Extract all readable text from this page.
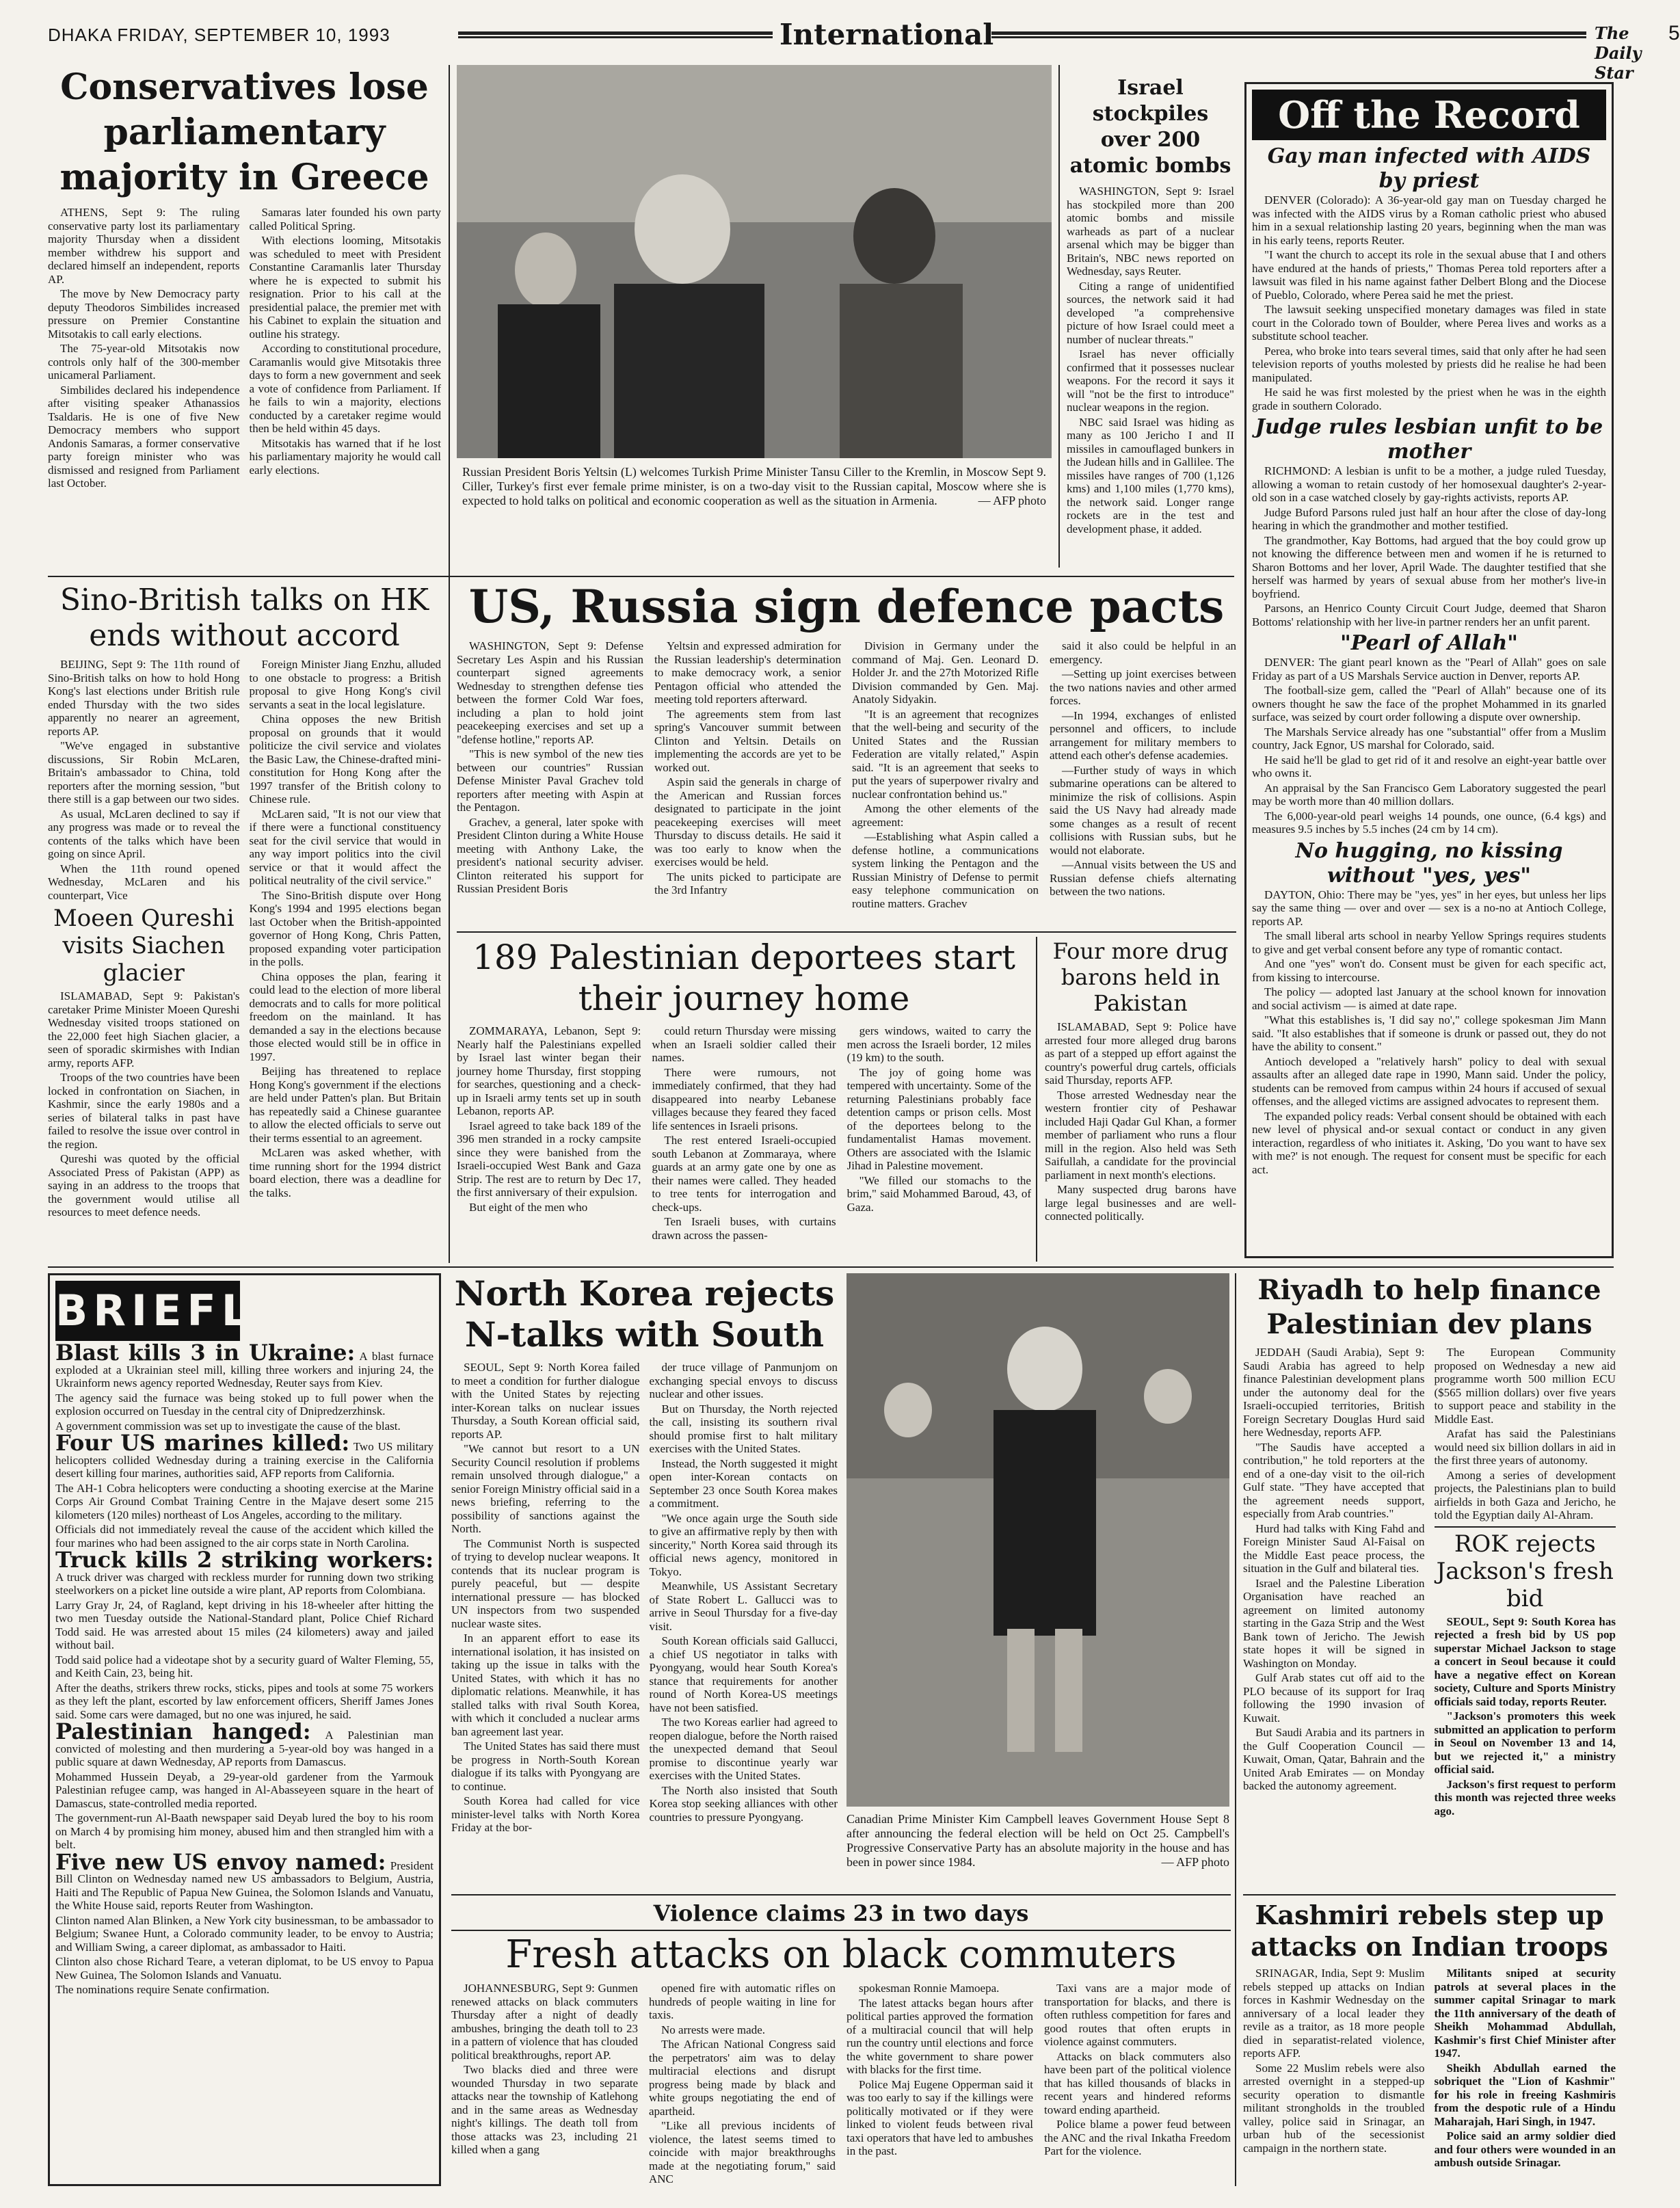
DHAKA FRIDAY, SEPTEMBER 10, 1993	International	The Daily Star
5
Conservatives lose parliamentary majority in Greece

ATHENS, Sept 9: The ruling conservative party lost its parliamentary majority Thursday when a dissident member withdrew his support and declared himself an independent, reports AP.

The move by New Democracy party deputy Theodoros Simbilides increased pressure on Premier Constantine Mitsotakis to call early elections.

The 75-year-old Mitsotakis now controls only half of the 300-member unicameral Parliament.

Simbilides declared his independence after visiting speaker Athanassios Tsaldaris. He is one of five New Democracy members who support Andonis Samaras, a former conservative party foreign minister who was dismissed and resigned from Parliament last October.

Samaras later founded his own party called Political Spring.

With elections looming, Mitsotakis was scheduled to meet with President Constantine Caramanlis later Thursday where he is expected to submit his resignation. Prior to his call at the presidential palace, the premier met with his Cabinet to explain the situation and outline his strategy.

According to constitutional procedure, Caramanlis would give Mitsotakis three days to form a new government and seek a vote of confidence from Parliament. If he fails to win a majority, elections conducted by a caretaker regime would then be held within 45 days.

Mitsotakis has warned that if he lost his parliamentary majority he would call early elections.	Russian President Boris Yeltsin (L) welcomes Turkish Prime Minister Tansu Ciller to the Kremlin, in Moscow Sept 9. Ciller, Turkey's first ever female prime minister, is on a two-day visit to the Russian capital, Moscow where she is expected to hold talks on political and economic cooperation as well as the situation in Armenia.	— AFP photo
Israel stockpiles over 200 atomic bombs

WASHINGTON, Sept 9: Israel has stockpiled more than 200 atomic bombs and missile warheads as part of a nuclear arsenal which may be bigger than Britain's, NBC news reported on Wednesday, says Reuter.

Citing a range of unidentified sources, the network said it had developed "a comprehensive picture of how Israel could meet a number of nuclear threats."

Israel has never officially confirmed that it possesses nuclear weapons. For the record it says it will "not be the first to introduce" nuclear weapons in the region.

NBC said Israel was hiding as many as 100 Jericho I and II missiles in camouflaged bunkers in the Judean hills and in Gallilee. The missiles have ranges of 700 (1,126 kms) and 1,100 miles (1,770 kms), the network said. Longer range rockets are in the test and development phase, it added.

Off the Record
Gay man infected with AIDS by priest

DENVER (Colorado): A 36-year-old gay man on Tuesday charged he was infected with the AIDS virus by a Roman catholic priest who abused him in a sexual relationship lasting 20 years, beginning when the man was in his early teens, reports Reuter.

"I want the church to accept its role in the sexual abuse that I and others have endured at the hands of priests," Thomas Perea told reporters after a lawsuit was filed in his name against father Delbert Blong and the Diocese of Pueblo, Colorado, where Perea said he met the priest.

The lawsuit seeking unspecified monetary damages was filed in state court in the Colorado town of Boulder, where Perea lives and works as a substitute school teacher.

Perea, who broke into tears several times, said that only after he had seen television reports of youths molested by priests did he realise he had been manipulated.

He said he was first molested by the priest when he was in the eighth grade in southern Colorado.

Judge rules lesbian unfit to be mother

RICHMOND: A lesbian is unfit to be a mother, a judge ruled Tuesday, allowing a woman to retain custody of her homosexual daughter's 2-year-old son in a case watched closely by gay-rights activists, reports AP.

Judge Buford Parsons ruled just half an hour after the close of day-long hearing in which the grandmother and mother testified.

The grandmother, Kay Bottoms, had argued that the boy could grow up not knowing the difference between men and women if he is returned to Sharon Bottoms and her lover, April Wade. The daughter testified that she herself was harmed by years of sexual abuse from her mother's live-in boyfriend.

Parsons, an Henrico County Circuit Court Judge, deemed that Sharon Bottoms' relationship with her live-in partner renders her an unfit parent.

"Pearl of Allah"

DENVER: The giant pearl known as the "Pearl of Allah" goes on sale Friday as part of a US Marshals Service auction in Denver, reports AP.

The football-size gem, called the "Pearl of Allah" because one of its owners thought he saw the face of the prophet Mohammed in its gnarled surface, was seized by court order following a dispute over ownership.

The Marshals Service already has one "substantial" offer from a Muslim country, Jack Egnor, US marshal for Colorado, said.

He said he'll be glad to get rid of it and resolve an eight-year battle over who owns it.

An appraisal by the San Francisco Gem Laboratory suggested the pearl may be worth more than 40 million dollars.

The 6,000-year-old pearl weighs 14 pounds, one ounce, (6.4 kgs) and measures 9.5 inches by 5.5 inches (24 cm by 14 cm).

No hugging, no kissing without "yes, yes"

DAYTON, Ohio: There may be "yes, yes" in her eyes, but unless her lips say the same thing — over and over — sex is a no-no at Antioch College, reports AP.

The small liberal arts school in nearby Yellow Springs requires students to give and get verbal consent before any type of romantic contact.

And one "yes" won't do. Consent must be given for each specific act, from kissing to intercourse.

The policy — adopted last January at the school known for innovation and social activism — is aimed at date rape.

"What this establishes is, 'I did say no'," college spokesman Jim Mann said. "It also establishes that if someone is drunk or passed out, they do not have the ability to consent."

Antioch developed a "relatively harsh" policy to deal with sexual assaults after an alleged date rape in 1990, Mann said. Under the policy, students can be removed from campus within 24 hours if accused of sexual offenses, and the alleged victims are assigned advocates to represent them.

The expanded policy reads: Verbal consent should be obtained with each new level of physical and-or sexual contact or conduct in any given interaction, regardless of who initiates it. Asking, 'Do you want to have sex with me?' is not enough. The request for consent must be specific for each act.

Sino-British talks on HK ends without accord

BEIJING, Sept 9: The 11th round of Sino-British talks on how to hold Hong Kong's last elections under British rule ended Thursday with the two sides apparently no nearer an agreement, reports AP.

"We've engaged in substantive discussions, Sir Robin McLaren, Britain's ambassador to China, told reporters after the morning session, "but there still is a gap between our two sides.

As usual, McLaren declined to say if any progress was made or to reveal the contents of the talks which have been going on since April.

When the 11th round opened Wednesday, McLaren and his counterpart, Vice

Moeen Qureshi visits Siachen glacier

ISLAMABAD, Sept 9: Pakistan's caretaker Prime Minister Moeen Qureshi Wednesday visited troops stationed on the 22,000 feet high Siachen glacier, a seen of sporadic skirmishes with Indian army, reports AFP.

Troops of the two countries have been locked in confrontation on Siachen, in Kashmir, since the early 1980s and a series of bilateral talks in past have failed to resolve the issue over control in the region.

Qureshi was quoted by the official Associated Press of Pakistan (APP) as saying in an address to the troops that the government would utilise all resources to meet defence needs.

Foreign Minister Jiang Enzhu, alluded to one obstacle to progress: a British proposal to give Hong Kong's civil servants a seat in the local legislature.

China opposes the new British proposal on grounds that it would politicize the civil service and violates the Basic Law, the Chinese-drafted mini-constitution for Hong Kong after the 1997 transfer of the British colony to Chinese rule.

McLaren said, "It is not our view that if there were a functional constituency seat for the civil service that would in any way import politics into the civil service or that it would affect the political neutrality of the civil service."

The Sino-British dispute over Hong Kong's 1994 and 1995 elections began last October when the British-appointed governor of Hong Kong, Chris Patten, proposed expanding voter participation in the polls.

China opposes the plan, fearing it could lead to the election of more liberal democrats and to calls for more political freedom on the mainland. It has demanded a say in the elections because those elected would still be in office in 1997.

Beijing has threatened to replace Hong Kong's government if the elections are held under Patten's plan. But Britain has repeatedly said a Chinese guarantee to allow the elected officials to serve out their terms essential to an agreement.

McLaren was asked whether, with time running short for the 1994 district board election, there was a deadline for the talks.

US, Russia sign defence pacts

WASHINGTON, Sept 9: Defense Secretary Les Aspin and his Russian counterpart signed agreements Wednesday to strengthen defense ties between the former Cold War foes, including a plan to hold joint peacekeeping exercises and set up a "defense hotline," reports AP.

"This is new symbol of the new ties between our countries" Russian Defense Minister Paval Grachev told reporters after meeting with Aspin at the Pentagon.

Grachev, a general, later spoke with President Clinton during a White House meeting with Anthony Lake, the president's national security adviser. Clinton reiterated his support for Russian President Boris

Yeltsin and expressed admiration for the Russian leadership's determination to make democracy work, a senior Pentagon official who attended the meeting told reporters afterward.

The agreements stem from last spring's Vancouver summit between Clinton and Yeltsin. Details on implementing the accords are yet to be worked out.

Aspin said the generals in charge of the American and Russian forces designated to participate in the joint peacekeeping exercises will meet Thursday to discuss details. He said it was too early to know when the exercises would be held.

The units picked to participate are the 3rd Infantry

Division in Germany under the command of Maj. Gen. Leonard D. Holder Jr. and the 27th Motorized Rifle Division commanded by Gen. Maj. Anatoly Sidyakin.

"It is an agreement that recognizes that the well-being and security of the United States and the Russian Federation are vitally related," Aspin said. "It is an agreement that seeks to put the years of superpower rivalry and nuclear confrontation behind us."

Among the other elements of the agreement:

—Establishing what Aspin called a defense hotline, a communications system linking the Pentagon and the Russian Ministry of Defense to permit easy telephone communication on routine matters. Grachev

said it also could be helpful in an emergency.

—Setting up joint exercises between the two nations navies and other armed forces.

—In 1994, exchanges of enlisted personnel and officers, to include arrangement for military members to attend each other's defense academies.

—Further study of ways in which submarine operations can be altered to minimize the risk of collisions. Aspin said the US Navy had already made some changes as a result of recent collisions with Russian subs, but he would not elaborate.

—Annual visits between the US and Russian defense chiefs alternating between the two nations.

189 Palestinian deportees start their journey home

ZOMMARAYA, Lebanon, Sept 9: Nearly half the Palestinians expelled by Israel last winter began their journey home Thursday, first stopping for searches, questioning and a check-up in Israeli army tents set up in south Lebanon, reports AP.

Israel agreed to take back 189 of the 396 men stranded in a rocky campsite since they were banished from the Israeli-occupied West Bank and Gaza Strip. The rest are to return by Dec 17, the first anniversary of their expulsion.

But eight of the men who

could return Thursday were missing when an Israeli soldier called their names.

There were rumours, not immediately confirmed, that they had disappeared into nearby Lebanese villages because they feared they faced life sentences in Israeli prisons.

The rest entered Israeli-occupied south Lebanon at Zommaraya, where guards at an army gate one by one as their names were called. They headed to tree tents for interrogation and check-ups.

Ten Israeli buses, with curtains drawn across the passen-

gers windows, waited to carry the men across the Israeli border, 12 miles (19 km) to the south.

The joy of going home was tempered with uncertainty. Some of the returning Palestinians probably face detention camps or prison cells. Most of the deportees belong to the fundamentalist Hamas movement. Others are associated with the Islamic Jihad in Palestine movement.

"We filled our stomachs to the brim," said Mohammed Baroud, 43, of Gaza.

Four more drug barons held in Pakistan

ISLAMABAD, Sept 9: Police have arrested four more alleged drug barons as part of a stepped up effort against the country's powerful drug cartels, officials said Thursday, reports AFP.

Those arrested Wednesday near the western frontier city of Peshawar included Haji Qadar Gul Khan, a former member of parliament who runs a flour mill in the region. Also held was Seth Saifullah, a candidate for the provincial parliament in next month's elections.

Many suspected drug barons have large legal businesses and are well-connected politically.

BRIEFLY

Blast kills 3 in Ukraine: A blast furnace exploded at a Ukrainian steel mill, killing three workers and injuring 24, the Ukrainform news agency reported Wednesday, Reuter says from Kiev.

The agency said the furnace was being stoked up to full power when the explosion occurred on Tuesday in the central city of Dnipredzerzhinsk.

A government commission was set up to investigate the cause of the blast.

Four US marines killed: Two US military helicopters collided Wednesday during a training exercise in the California desert killing four marines, authorities said, AFP reports from California.

The AH-1 Cobra helicopters were conducting a shooting exercise at the Marine Corps Air Ground Combat Training Centre in the Majave desert some 215 kilometers (120 miles) northeast of Los Angeles, according to the military.

Officials did not immediately reveal the cause of the accident which killed the four marines who had been assigned to the air corps state in North Carolina.

Truck kills 2 striking workers: A truck driver was charged with reckless murder for running down two striking steelworkers on a picket line outside a wire plant, AP reports from Colombiana.

Larry Gray Jr, 24, of Ragland, kept driving in his 18-wheeler after hitting the two men Tuesday outside the National-Standard plant, Police Chief Richard Todd said. He was arrested about 15 miles (24 kilometers) away and jailed without bail.

Todd said police had a videotape shot by a security guard of Walter Fleming, 55, and Keith Cain, 23, being hit.

After the deaths, strikers threw rocks, sticks, pipes and tools at some 75 workers as they left the plant, escorted by law enforcement officers, Sheriff James Jones said. Some cars were damaged, but no one was injured, he said.

Palestinian hanged: A Palestinian man convicted of molesting and then murdering a 5-year-old boy was hanged in a public square at dawn Wednesday, AP reports from Damascus.

Mohammed Hussein Deyab, a 29-year-old gardener from the Yarmouk Palestinian refugee camp, was hanged in Al-Abasseyeen square in the heart of Damascus, state-controlled media reported.

The government-run Al-Baath newspaper said Deyab lured the boy to his room on March 4 by promising him money, abused him and then strangled him with a belt.

Five new US envoy named: President Bill Clinton on Wednesday named new US ambassadors to Belgium, Austria, Haiti and The Republic of Papua New Guinea, the Solomon Islands and Vanuatu, the White House said, reports Reuter from Washington.

Clinton named Alan Blinken, a New York city businessman, to be ambassador to Belgium; Swanee Hunt, a Colorado community leader, to be envoy to Austria; and William Swing, a career diplomat, as ambassador to Haiti.

Clinton also chose Richard Teare, a veteran diplomat, to be US envoy to Papua New Guinea, The Solomon Islands and Vanuatu.

The nominations require Senate confirmation.

North Korea rejects N-talks with South

SEOUL, Sept 9: North Korea failed to meet a condition for further dialogue with the United States by rejecting inter-Korean talks on nuclear issues Thursday, a South Korean official said, reports AP.

"We cannot but resort to a UN Security Council resolution if problems remain unsolved through dialogue," a senior Foreign Ministry official said in a news briefing, referring to the possibility of sanctions against the North.

The Communist North is suspected of trying to develop nuclear weapons. It contends that its nuclear program is purely peaceful, but — despite international pressure — has blocked UN inspectors from two suspended nuclear waste sites.

In an apparent effort to ease its international isolation, it has insisted on taking up the issue in talks with the United States, with which it has no diplomatic relations. Meanwhile, it has stalled talks with rival South Korea, with which it concluded a nuclear arms ban agreement last year.

The United States has said there must be progress in North-South Korean dialogue if its talks with Pyongyang are to continue.

South Korea had called for vice minister-level talks with North Korea Friday at the bor-

der truce village of Panmunjom on exchanging special envoys to discuss nuclear and other issues.

But on Thursday, the North rejected the call, insisting its southern rival should promise first to halt military exercises with the United States.

Instead, the North suggested it might open inter-Korean contacts on September 23 once South Korea makes a commitment.

"We once again urge the South side to give an affirmative reply by then with sincerity," North Korea said through its official news agency, monitored in Tokyo.

Meanwhile, US Assistant Secretary of State Robert L. Gallucci was to arrive in Seoul Thursday for a five-day visit.

South Korean officials said Gallucci, a chief US negotiator in talks with Pyongyang, would hear South Korea's stance that requirements for another round of North Korea-US meetings have not been satisfied.

The two Koreas earlier had agreed to reopen dialogue, before the North raised the unexpected demand that Seoul promise to discontinue yearly war exercises with the United States.

The North also insisted that South Korea stop seeking alliances with other countries to pressure Pyongyang.	Canadian Prime Minister Kim Campbell leaves Government House Sept 8 after announcing the federal election will be held on Oct 25. Campbell's Progressive Conservative Party has an absolute majority in the house and has been in power since 1984.	— AFP photo
Riyadh to help finance Palestinian dev plans

JEDDAH (Saudi Arabia), Sept 9: Saudi Arabia has agreed to help finance Palestinian development plans under the autonomy deal for the Israeli-occupied territories, British Foreign Secretary Douglas Hurd said here Wednesday, reports AFP.

"The Saudis have accepted a contribution," he told reporters at the end of a one-day visit to the oil-rich Gulf state. "They have accepted that the agreement needs support, especially from Arab countries."

Hurd had talks with King Fahd and Foreign Minister Saud Al-Faisal on the Middle East peace process, the situation in the Gulf and bilateral ties.

Israel and the Palestine Liberation Organisation have reached an agreement on limited autonomy starting in the Gaza Strip and the West Bank town of Jericho. The Jewish state hopes it will be signed in Washington on Monday.

Gulf Arab states cut off aid to the PLO because of its support for Iraq following the 1990 invasion of Kuwait.

But Saudi Arabia and its partners in the Gulf Cooperation Council — Kuwait, Oman, Qatar, Bahrain and the United Arab Emirates — on Monday backed the autonomy agreement.

The European Community proposed on Wednesday a new aid programme worth 500 million ECU ($565 million dollars) over five years to support peace and stability in the Middle East.

Arafat has said the Palestinians would need six billion dollars in aid in the first three years of autonomy.

Among a series of development projects, the Palestinians plan to build airfields in both Gaza and Jericho, he told the Egyptian daily Al-Ahram.

ROK rejects Jackson's fresh bid

SEOUL, Sept 9: South Korea has rejected a fresh bid by US pop superstar Michael Jackson to stage a concert in Seoul because it could have a negative effect on Korean society, Culture and Sports Ministry officials said today, reports Reuter.

"Jackson's promoters this week submitted an application to perform in Seoul on November 13 and 14, but we rejected it," a ministry official said.

Jackson's first request to perform this month was rejected three weeks ago.

Violence claims 23 in two days
Fresh attacks on black commuters

JOHANNESBURG, Sept 9: Gunmen renewed attacks on black commuters Thursday after a night of deadly ambushes, bringing the death toll to 23 in a pattern of violence that has clouded political breakthroughs, report AP.

Two blacks died and three were wounded Thursday in two separate attacks near the township of Katlehong and in the same areas as Wednesday night's killings. The death toll from those attacks was 23, including 21 killed when a gang

opened fire with automatic rifles on hundreds of people waiting in line for taxis.

No arrests were made.

The African National Congress said the perpetrators' aim was to delay multiracial elections and disrupt progress being made by black and white groups negotiating the end of apartheid.

"Like all previous incidents of violence, the latest seems timed to coincide with major breakthroughs made at the negotiating forum," said ANC

spokesman Ronnie Mamoepa.

The latest attacks began hours after political parties approved the formation of a multiracial council that will help run the country until elections and force the white government to share power with blacks for the first time.

Police Maj Eugene Opperman said it was too early to say if the killings were politically motivated or if they were linked to violent feuds between rival taxi operators that have led to ambushes in the past.

Taxi vans are a major mode of transportation for blacks, and there is often ruthless competition for fares and good routes that often erupts in violence against commuters.

Attacks on black commuters also have been part of the political violence that has killed thousands of blacks in recent years and hindered reforms toward ending apartheid.

Police blame a power feud between the ANC and the rival Inkatha Freedom Part for the violence.

Kashmiri rebels step up attacks on Indian troops

SRINAGAR, India, Sept 9: Muslim rebels stepped up attacks on Indian forces in Kashmir Wednesday on the anniversary of a local leader they revile as a traitor, as 18 more people died in separatist-related violence, reports AFP.

Some 22 Muslim rebels were also arrested overnight in a stepped-up security operation to dismantle militant strongholds in the troubled valley, police said in Srinagar, an urban hub of the secessionist campaign in the northern state.

Militants sniped at security patrols at several places in the summer capital Srinagar to mark the 11th anniversary of the death of Sheikh Mohammad Abdullah, Kashmir's first Chief Minister after 1947.

Sheikh Abdullah earned the sobriquet the "Lion of Kashmir" for his role in freeing Kashmiris from the despotic rule of a Hindu Maharajah, Hari Singh, in 1947.

Police said an army soldier died and four others were wounded in an ambush outside Srinagar.
